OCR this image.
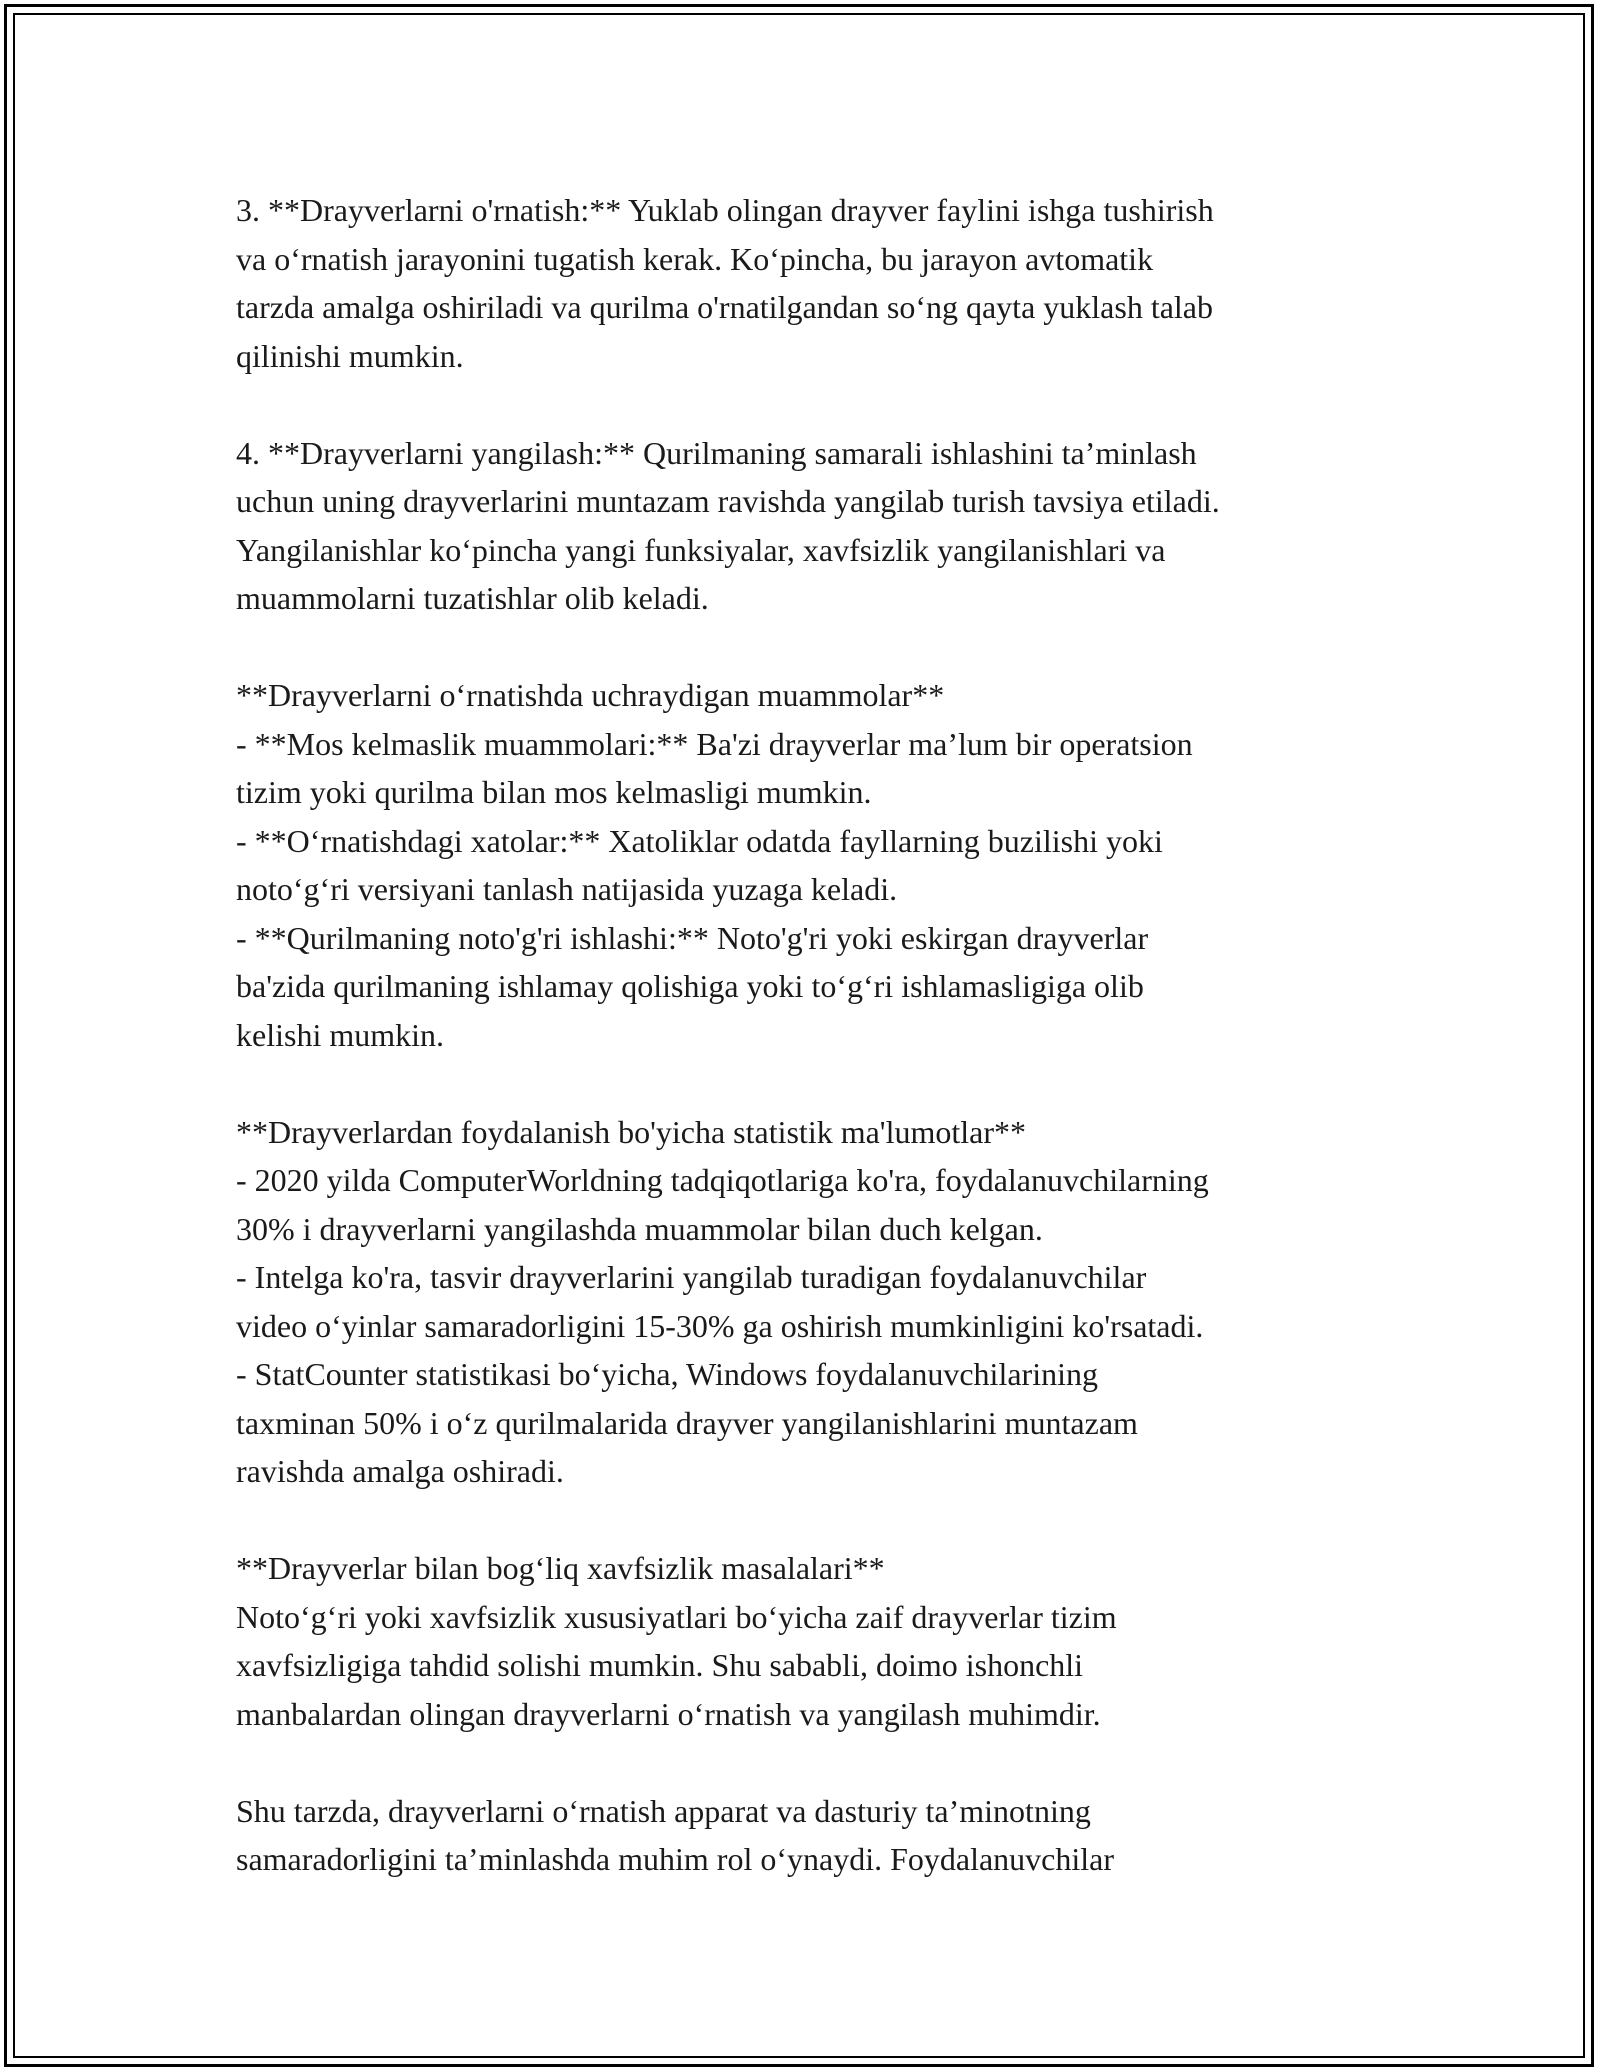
3. **Drayverlarni o'rnatish:** Yuklab olingan drayver faylini ishga tushirish
va o‘rnatish jarayonini tugatish kerak. Ko‘pincha, bu jarayon avtomatik
tarzda amalga oshiriladi va qurilma o'rnatilgandan so‘ng qayta yuklash talab
qilinishi mumkin.
4. **Drayverlarni yangilash:** Qurilmaning samarali ishlashini ta’minlash
uchun uning drayverlarini muntazam ravishda yangilab turish tavsiya etiladi.
Yangilanishlar ko‘pincha yangi funksiyalar, xavfsizlik yangilanishlari va
muammolarni tuzatishlar olib keladi.
**Drayverlarni o‘rnatishda uchraydigan muammolar**
- **Mos kelmaslik muammolari:** Ba'zi drayverlar ma’lum bir operatsion
tizim yoki qurilma bilan mos kelmasligi mumkin.
- **O‘rnatishdagi xatolar:** Xatoliklar odatda fayllarning buzilishi yoki
noto‘g‘ri versiyani tanlash natijasida yuzaga keladi.
- **Qurilmaning noto'g'ri ishlashi:** Noto'g'ri yoki eskirgan drayverlar
ba'zida qurilmaning ishlamay qolishiga yoki to‘g‘ri ishlamasligiga olib
kelishi mumkin.
**Drayverlardan foydalanish bo'yicha statistik ma'lumotlar**
- 2020 yilda ComputerWorldning tadqiqotlariga ko'ra, foydalanuvchilarning
30% i drayverlarni yangilashda muammolar bilan duch kelgan.
- Intelga ko'ra, tasvir drayverlarini yangilab turadigan foydalanuvchilar
video o‘yinlar samaradorligini 15-30% ga oshirish mumkinligini ko'rsatadi.
- StatCounter statistikasi bo‘yicha, Windows foydalanuvchilarining
taxminan 50% i o‘z qurilmalarida drayver yangilanishlarini muntazam
ravishda amalga oshiradi.
**Drayverlar bilan bog‘liq xavfsizlik masalalari**
Noto‘g‘ri yoki xavfsizlik xususiyatlari bo‘yicha zaif drayverlar tizim
xavfsizligiga tahdid solishi mumkin. Shu sababli, doimo ishonchli
manbalardan olingan drayverlarni o‘rnatish va yangilash muhimdir.
Shu tarzda, drayverlarni o‘rnatish apparat va dasturiy ta’minotning
samaradorligini ta’minlashda muhim rol o‘ynaydi. Foydalanuvchilar
